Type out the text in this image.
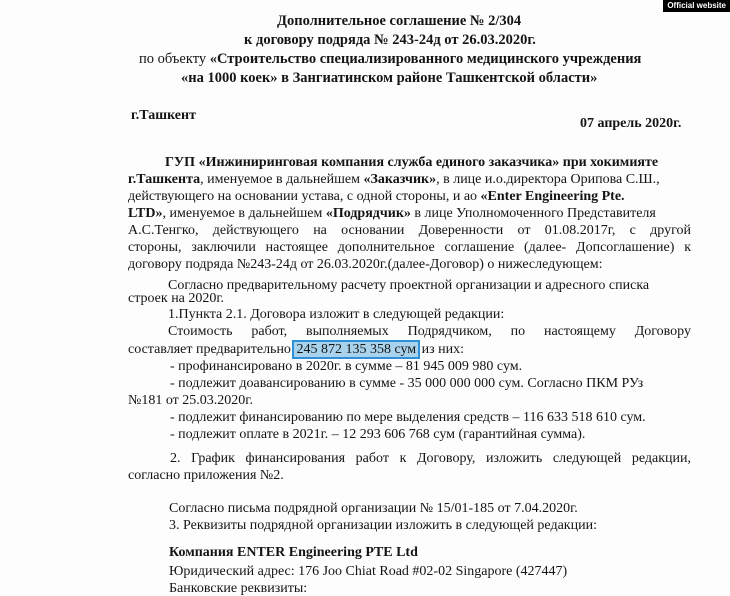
Official website
Дополнительное соглашение № 2/304
к договору подряда № 243-24д от 26.03.2020г.
по объекту «Строительство специализированного медицинского учреждения
«на 1000 коек» в Зангиатинском районе Ташкентской области»
г.Ташкент
07 апрель 2020г.
ГУП «Инжиниринговая компания служба единого заказчика» при хокимияте
г.Ташкента, именуемое в дальнейшем «Заказчик», в лице и.о.директора Орипова С.Ш.,
действующего на основании устава, с одной стороны, и ао «Enter Engineering Pte.
LTD», именуемое в дальнейшем «Подрядчик» в лице Уполномоченного Представителя
А.С.Тенгко, действующего на основании Доверенности от 01.08.2017г, с другой
стороны, заключили настоящее дополнительное соглашение (далее- Допсоглашение) к
договору подряда №243-24д от 26.03.2020г.(далее-Договор) о нижеследующем:
Согласно предварительному расчету проектной организации и адресного списка
строек на 2020г.
1.Пункта 2.1. Договора изложит в следующей редакции:
Стоимость работ, выполняемых Подрядчиком, по настоящему Договору
составляет предварительно 245 872 135 358 сум из них:
- профинансировано в 2020г. в сумме – 81 945 009 980 сум.
- подлежит доавансированию в сумме - 35 000 000 000 сум. Согласно ПКМ РУз
№181 от 25.03.2020г.
- подлежит финансированию по мере выделения средств – 116 633 518 610 сум.
- подлежит оплате в 2021г. – 12 293 606 768 сум (гарантийная сумма).
2. График финансирования работ к Договору, изложить следующей редакции,
согласно приложения №2.
Согласно письма подрядной организации № 15/01-185 от 7.04.2020г.
3. Реквизиты подрядной организации изложить в следующей редакции:
Компания ENTER Engineering PTE Ltd
Юридический адрес: 176 Joo Chiat Road #02-02 Singapore (427447)
Банковские реквизиты:
